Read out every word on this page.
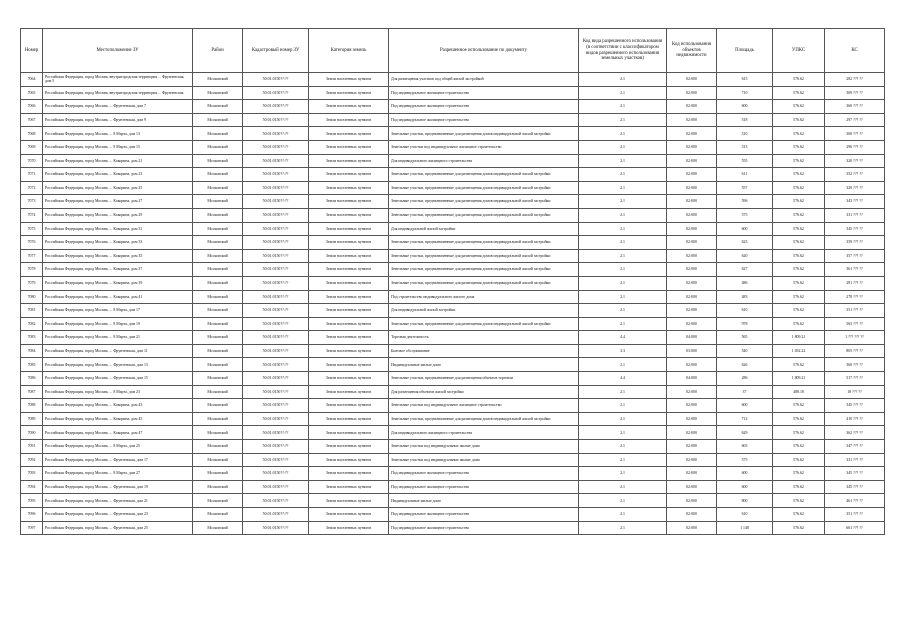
Номер	Местоположение ЗУ	Район	Кадастровый номер ЗУ	Категория земель	Разрешенное использование по документу	Код вида разрешенного использования (в соответствии с классификатором видов разрешенного использования земельных участков)	Код использования объектов недвижимости	Площадь	УПКС	КС
7064	Российская Федерация, город Москва, внутригородская территория ... Фрунзенская, дом 5	Московский	50:01:0150??:??	Земли населенных пунктов	Для размещения участков под общей жилой застройкой	2.1	02:000	615	576.62	282 ??? ??
7065	Российская Федерация, город Москва, внутригородская территория ... Фрунзенская	Московский	50:01:0150??:??	Земли населенных пунктов	Под индивидуальное жилищное строительство	2.1	02:000	710	576.62	309 ??? ??
7066	Российская Федерация, город Москва, ... Фрунзенская, дом 7	Московский	50:01:0150??:??	Земли населенных пунктов	Под индивидуальное жилищное строительство	2.1	02:000	600	576.62	360 ??? ??
7067	Российская Федерация, город Москва, ... Фрунзенская, дом 9	Московский	50:01:0150??:??	Земли населенных пунктов	Под индивидуальное жилищное строительство	2.1	02:000	518	576.62	297 ??? ??
7068	Российская Федерация, город Москва, ... 8 Марта, дом 13	Московский	50:01:0150??:??	Земли населенных пунктов	Земельные участки, предназначенные для размещения домов индивидуальной жилой застройки	2.1	02:000	510	576.62	300 ??? ??
7069	Российская Федерация, город Москва, ... 8 Марта, дом 15	Московский	50:01:0150??:??	Земли населенных пунктов	Земельные участки под индивидуальное жилищное строительство	2.1	02:000	513	576.62	296 ??? ??
7070	Российская Федерация, город Москва, ... Кокорина, дом 21	Московский	50:01:0150??:??	Земли населенных пунктов	Для индивидуального жилищного строительства	2.1	02:000	555	576.62	320 ??? ??
7071	Российская Федерация, город Москва, ... Кокорина, дом 23	Московский	50:01:0150??:??	Земли населенных пунктов	Земельные участки, предназначенные для размещения домов индивидуальной жилой застройки	2.1	02:000	611	576.62	352 ??? ??
7072	Российская Федерация, город Москва, ... Кокорина, дом 25	Московский	50:01:0150??:??	Земли населенных пунктов	Земельные участки, предназначенные для размещения домов индивидуальной жилой застройки	2.1	02:000	557	576.62	320 ??? ??
7073	Российская Федерация, город Москва, ... Кокорина, дом 27	Московский	50:01:0150??:??	Земли населенных пунктов	Земельные участки, предназначенные для размещения домов индивидуальной жилой застройки	2.1	02:000	596	576.62	343 ??? ??
7074	Российская Федерация, город Москва, ... Кокорина, дом 29	Московский	50:01:0150??:??	Земли населенных пунктов	Земельные участки, предназначенные для размещения домов индивидуальной жилой застройки	2.1	02:000	575	576.62	331 ??? ??
7075	Российская Федерация, город Москва, ... Кокорина, дом 31	Московский	50:01:0150??:??	Земли населенных пунктов	Для индивидуальной жилой застройки	2.1	02:000	600	576.62	345 ??? ??
7076	Российская Федерация, город Москва, ... Кокорина, дом 33	Московский	50:01:0150??:??	Земли населенных пунктов	Земельные участки, предназначенные для размещения домов индивидуальной жилой застройки	2.1	02:000	623	576.62	359 ??? ??
7077	Российская Федерация, город Москва, ... Кокорина, дом 35	Московский	50:01:0150??:??	Земли населенных пунктов	Земельные участки, предназначенные для размещения домов индивидуальной жилой застройки	2.1	02:000	620	576.62	357 ??? ??
7078	Российская Федерация, город Москва, ... Кокорина, дом 37	Московский	50:01:0150??:??	Земли населенных пунктов	Земельные участки, предназначенные для размещения домов индивидуальной жилой застройки	2.1	02:000	627	576.62	361 ??? ??
7079	Российская Федерация, город Москва, ... Кокорина, дом 39	Московский	50:01:0150??:??	Земли населенных пунктов	Земельные участки, предназначенные для размещения домов индивидуальной жилой застройки	2.1	02:000	486	576.62	281 ??? ??
7080	Российская Федерация, город Москва, ... Кокорина, дом 41	Московский	50:01:0150??:??	Земли населенных пунктов	Под строительство индивидуального жилого дома	2.1	02:000	483	576.62	278 ??? ??
7081	Российская Федерация, город Москва, ... 8 Марта, дом 17	Московский	50:01:0150??:??	Земли населенных пунктов	Для индивидуальной жилой застройки	2.1	02:000	610	576.62	351 ??? ??
7082	Российская Федерация, город Москва, ... 8 Марта, дом 19	Московский	50:01:0150??:??	Земли населенных пунктов	Земельные участки, предназначенные для размещения домов индивидуальной жилой застройки	2.1	02:000	978	576.62	563 ??? ??
7083	Российская Федерация, город Москва, ... 8 Марта, дом 21	Московский	50:01:0150??:??	Земли населенных пунктов	Торговая деятельность	4.4	04:000	565	1 809.21	1 ??? ??? ??
7084	Российская Федерация, город Москва, ... Фрунзенская, дом 11	Московский	50:01:0150??:??	Земли населенных пунктов	Бытовое обслуживание	3.3	03:000	540	1 492.22	805 ??? ??
7085	Российская Федерация, город Москва, ... Фрунзенская, дом 13	Московский	50:01:0150??:??	Земли населенных пунктов	Индивидуальные жилые дома	2.1	02:000	626	576.62	360 ??? ??
7086	Российская Федерация, город Москва, ... Фрунзенская, дом 15	Московский	50:01:0150??:??	Земли населенных пунктов	Земельные участки, предназначенные для размещения объектов торговли	4.4	04:000	286	1 809.21	517 ??? ??
7087	Российская Федерация, город Москва, ... 8 Марта, дом 23	Московский	50:01:0150??:??	Земли населенных пунктов	Для размещения объектов жилой застройки	2.1	02:000	37	488.18	18 ??? ??
7088	Российская Федерация, город Москва, ... Кокорина, дом 43	Московский	50:01:0150??:??	Земли населенных пунктов	Земельные участки под индивидуальное жилищное строительство	2.1	02:000	600	576.62	345 ??? ??
7089	Российская Федерация, город Москва, ... Кокорина, дом 45	Московский	50:01:0150??:??	Земли населенных пунктов	Земельные участки, предназначенные для размещения домов индивидуальной жилой застройки	2.1	02:000	712	576.62	410 ??? ??
7090	Российская Федерация, город Москва, ... Кокорина, дом 47	Московский	50:01:0150??:??	Земли населенных пунктов	Для индивидуального жилищного строительства	2.1	02:000	629	576.62	362 ??? ??
7091	Российская Федерация, город Москва, ... 8 Марта, дом 25	Московский	50:01:0150??:??	Земли населенных пунктов	Земельные участки под индивидуальные жилые дома	2.1	02:000	603	576.62	347 ??? ??
7092	Российская Федерация, город Москва, ... Фрунзенская, дом 17	Московский	50:01:0150??:??	Земли населенных пунктов	Земельные участки под индивидуальные жилые дома	2.1	02:000	575	576.62	331 ??? ??
7093	Российская Федерация, город Москва, ... 8 Марта, дом 27	Московский	50:01:0150??:??	Земли населенных пунктов	Под индивидуальное жилищное строительство	2.1	02:000	600	576.62	345 ??? ??
7094	Российская Федерация, город Москва, ... Фрунзенская, дом 19	Московский	50:01:0150??:??	Земли населенных пунктов	Под индивидуальное жилищное строительство	2.1	02:000	600	576.62	345 ??? ??
7095	Российская Федерация, город Москва, ... Фрунзенская, дом 21	Московский	50:01:0150??:??	Земли населенных пунктов	Индивидуальные жилые дома	2.1	02:000	800	576.62	461 ??? ??
7096	Российская Федерация, город Москва, ... Фрунзенская, дом 23	Московский	50:01:0150??:??	Земли населенных пунктов	Под индивидуальное жилищное строительство	2.1	02:000	610	576.62	351 ??? ??
7097	Российская Федерация, город Москва, ... Фрунзенская, дом 25	Московский	50:01:0150??:??	Земли населенных пунктов	Под индивидуальное жилищное строительство	2.1	02:000	1 148	576.62	661 ??? ??
